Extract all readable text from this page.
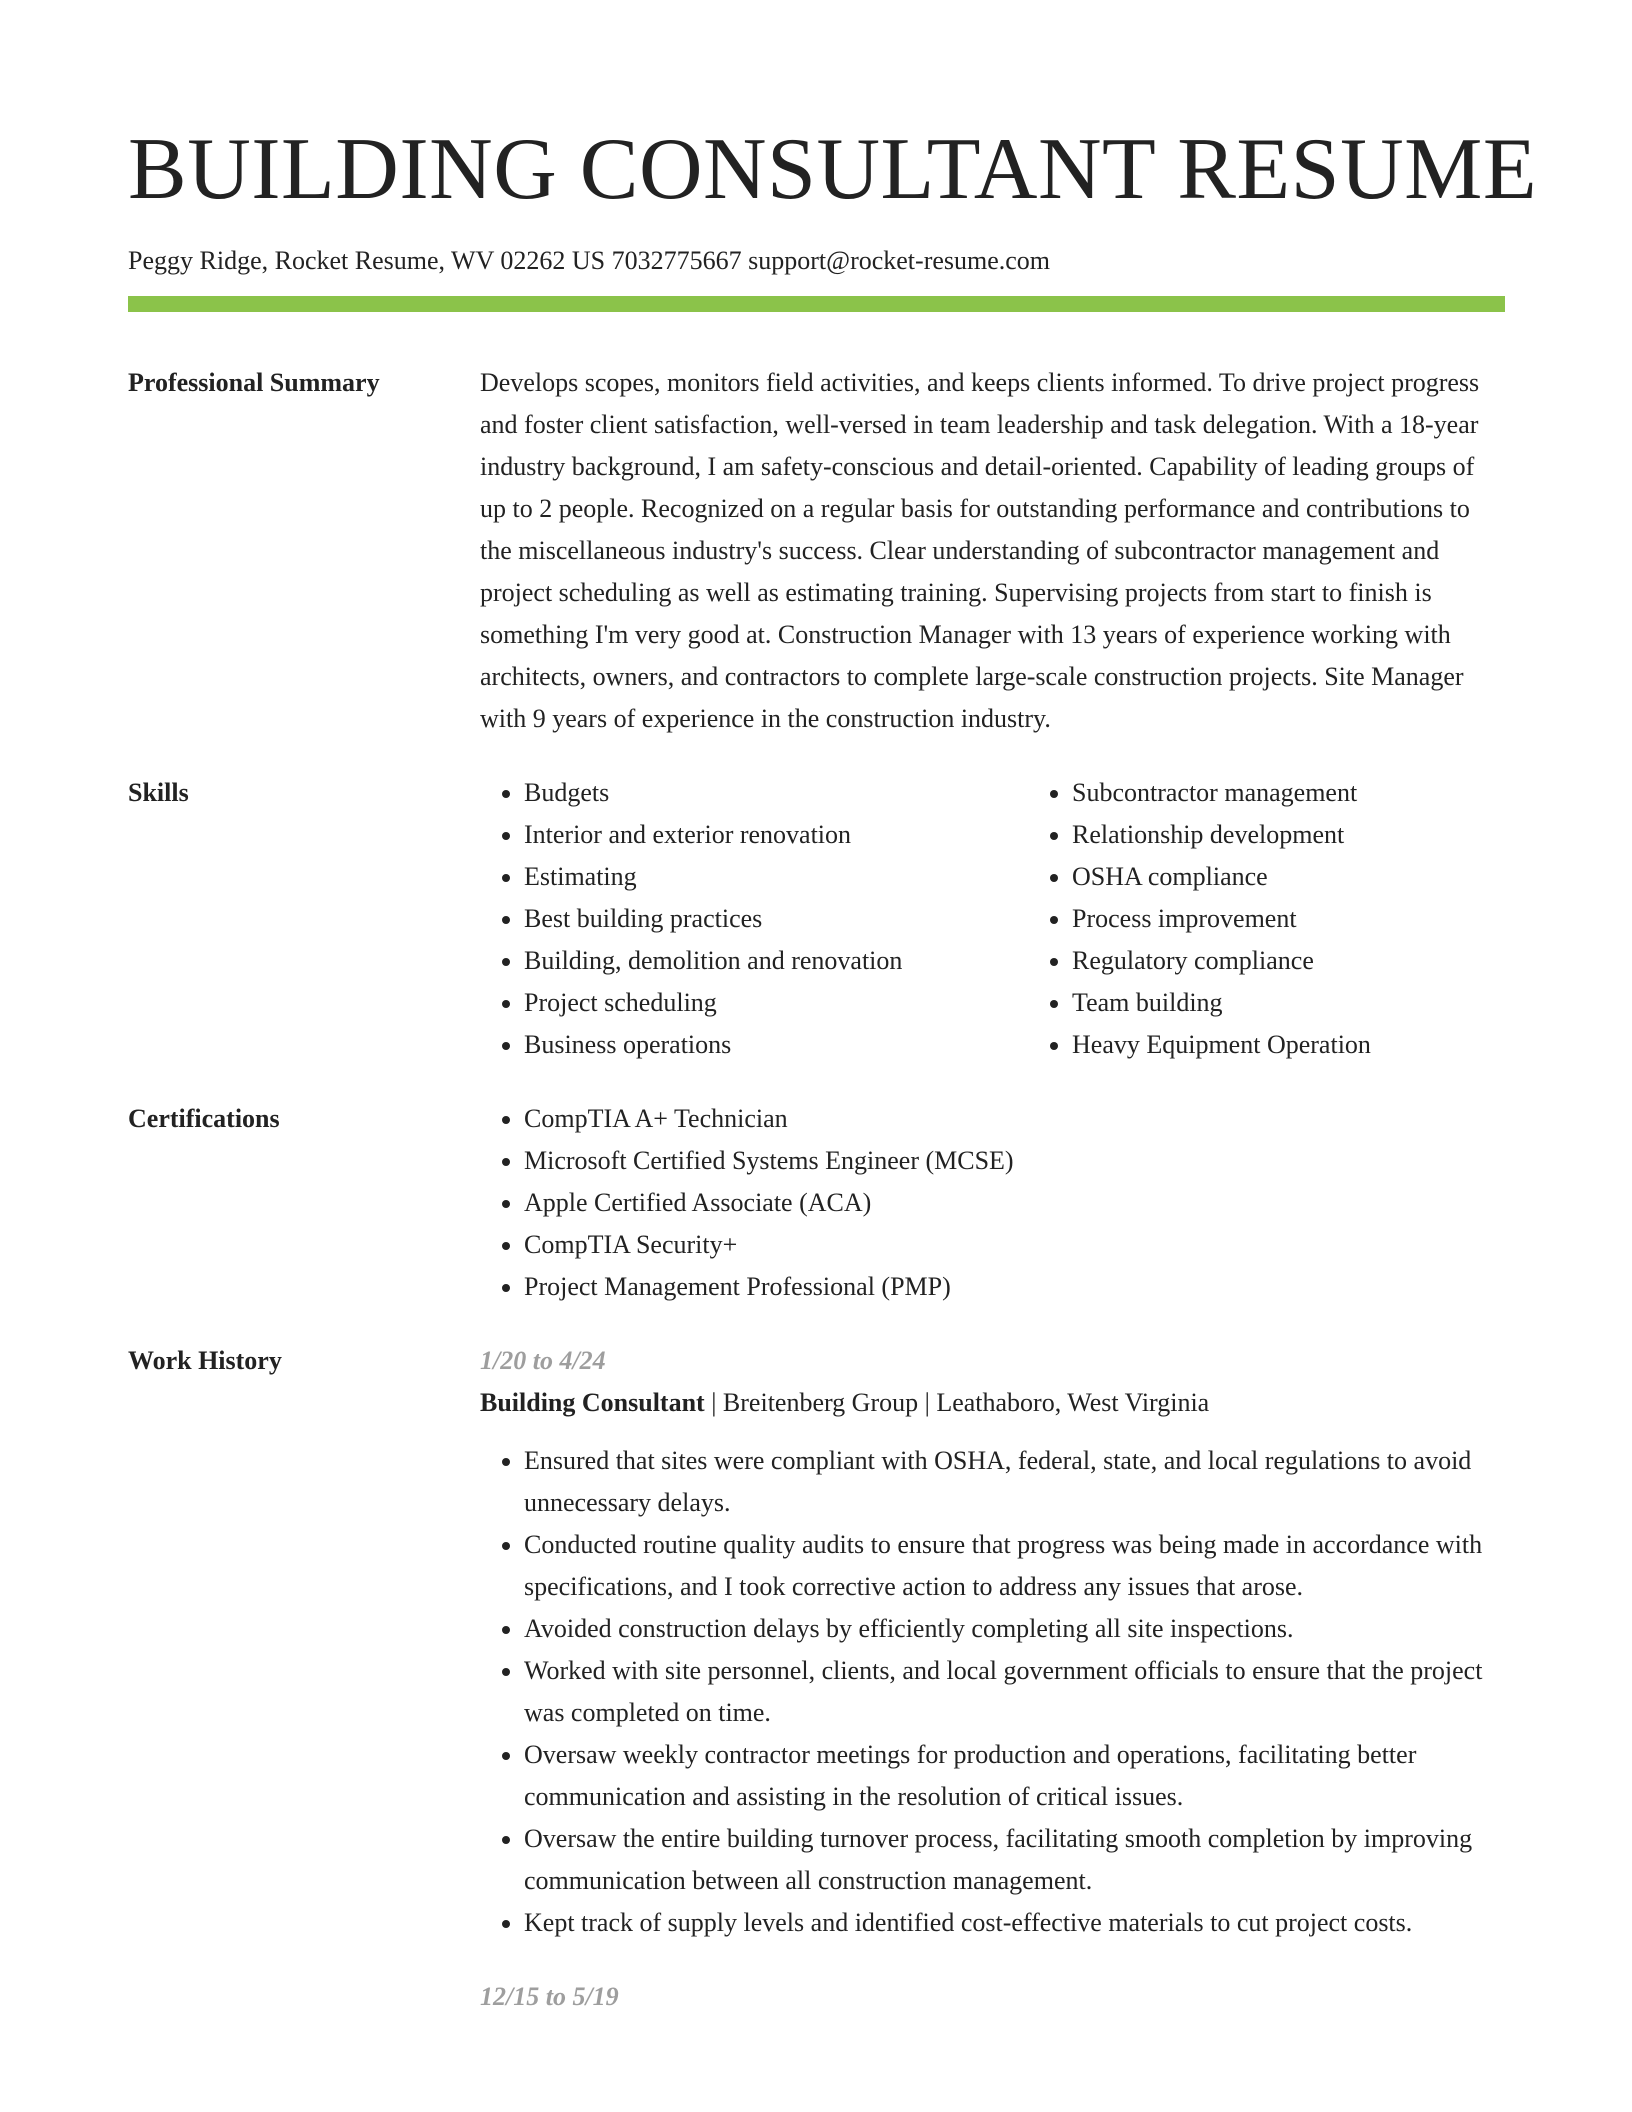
BUILDING CONSULTANT RESUME
Peggy Ridge, Rocket Resume, WV 02262 US 7032775667 support@rocket-resume.com
Professional Summary	Develops scopes, monitors field activities, and keeps clients informed. To drive project progress and foster client satisfaction, well-versed in team leadership and task delegation. With a 18-year industry background, I am safety-conscious and detail-oriented. Capability of leading groups of up to 2 people. Recognized on a regular basis for outstanding performance and contributions to the miscellaneous industry's success. Clear understanding of subcontractor management and project scheduling as well as estimating training. Supervising projects from start to finish is something I'm very good at. Construction Manager with 13 years of experience working with architects, owners, and contractors to complete large-scale construction projects. Site Manager with 9 years of experience in the construction industry.

Skills	• Budgets
• Interior and exterior renovation
• Estimating
• Best building practices
• Building, demolition and renovation
• Project scheduling
• Business operations
• Subcontractor management
• Relationship development
• OSHA compliance
• Process improvement
• Regulatory compliance
• Team building
• Heavy Equipment Operation
Certifications	• CompTIA A+ Technician
• Microsoft Certified Systems Engineer (MCSE)
• Apple Certified Associate (ACA)
• CompTIA Security+
• Project Management Professional (PMP)
Work History	1/20 to 4/24
Building Consultant | Breitenberg Group | Leathaboro, West Virginia
• Ensured that sites were compliant with OSHA, federal, state, and local regulations to avoid unnecessary delays.
• Conducted routine quality audits to ensure that progress was being made in accordance with specifications, and I took corrective action to address any issues that arose.
• Avoided construction delays by efficiently completing all site inspections.
• Worked with site personnel, clients, and local government officials to ensure that the project was completed on time.
• Oversaw weekly contractor meetings for production and operations, facilitating better communication and assisting in the resolution of critical issues.
• Oversaw the entire building turnover process, facilitating smooth completion by improving communication between all construction management.
• Kept track of supply levels and identified cost-effective materials to cut project costs.
12/15 to 5/19
